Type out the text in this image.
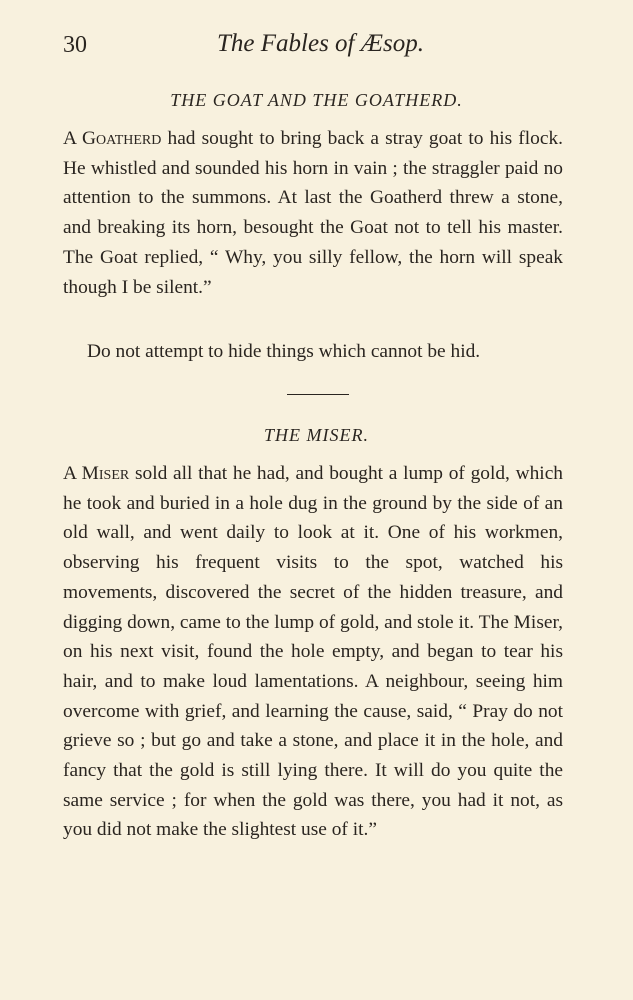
30	The Fables of Æsop.
THE GOAT AND THE GOATHERD.

A Goatherd had sought to bring back a stray goat to his flock. He whistled and sounded his horn in vain ; the straggler paid no attention to the summons. At last the Goatherd threw a stone, and breaking its horn, besought the Goat not to tell his master. The Goat replied, “ Why, you silly fellow, the horn will speak though I be silent.”

Do not attempt to hide things which cannot be hid.

THE MISER.

A Miser sold all that he had, and bought a lump of gold, which he took and buried in a hole dug in the ground by the side of an old wall, and went daily to look at it. One of his workmen, observing his frequent visits to the spot, watched his movements, discovered the secret of the hidden treasure, and digging down, came to the lump of gold, and stole it. The Miser, on his next visit, found the hole empty, and began to tear his hair, and to make loud lamentations. A neighbour, seeing him overcome with grief, and learning the cause, said, “ Pray do not grieve so ; but go and take a stone, and place it in the hole, and fancy that the gold is still lying there. It will do you quite the same service ; for when the gold was there, you had it not, as you did not make the slightest use of it.”
